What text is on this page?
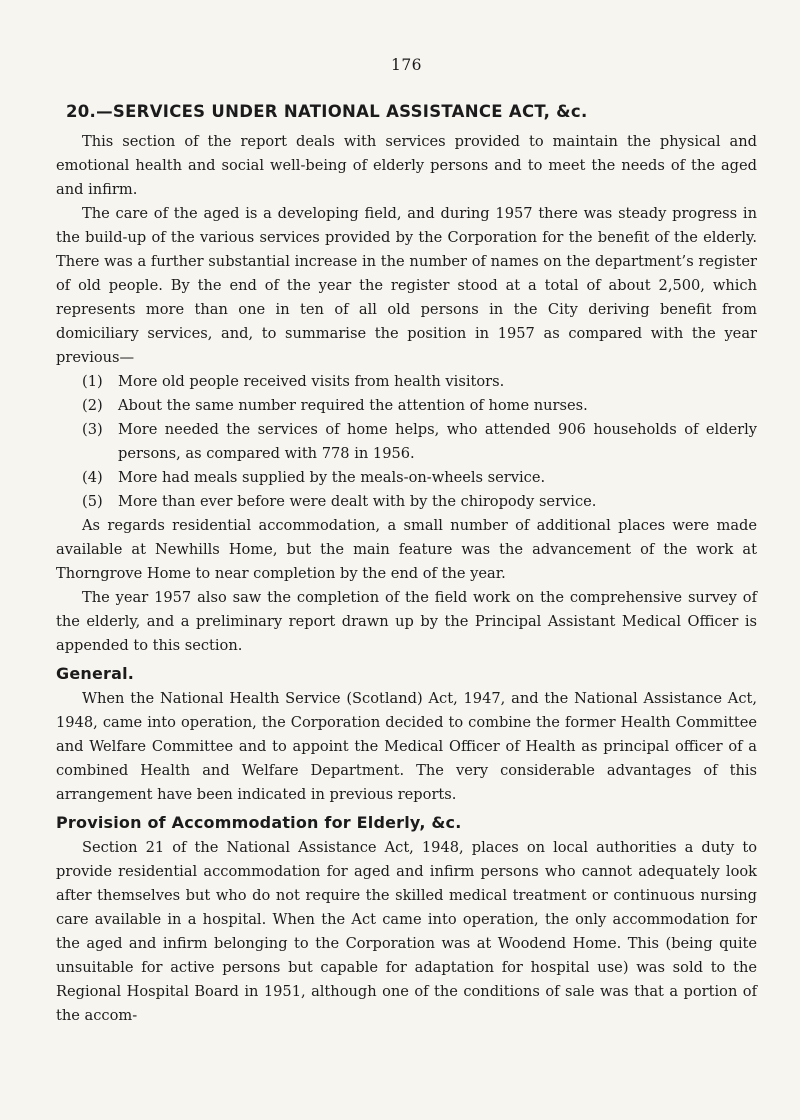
176
20.—SERVICES UNDER NATIONAL ASSISTANCE ACT, &c.

This section of the report deals with services provided to maintain the physical and emotional health and social well-being of elderly persons and to meet the needs of the aged and infirm.

The care of the aged is a developing field, and during 1957 there was steady progress in the build-up of the various services provided by the Corporation for the benefit of the elderly. There was a further substantial increase in the number of names on the department’s register of old people. By the end of the year the register stood at a total of about 2,500, which represents more than one in ten of all old persons in the City deriving benefit from domiciliary services, and, to summarise the position in 1957 as compared with the year previous—

(1)	More old people received visits from health visitors.
(2)	About the same number required the attention of home nurses.
(3)	More needed the services of home helps, who attended 906 households of elderly persons, as compared with 778 in 1956.
(4)	More had meals supplied by the meals-on-wheels service.
(5)	More than ever before were dealt with by the chiropody service.

As regards residential accommodation, a small number of additional places were made available at Newhills Home, but the main feature was the advancement of the work at Thorngrove Home to near completion by the end of the year.

The year 1957 also saw the completion of the field work on the comprehensive survey of the elderly, and a preliminary report drawn up by the Principal Assistant Medical Officer is appended to this section.

General.

When the National Health Service (Scotland) Act, 1947, and the National Assistance Act, 1948, came into operation, the Corporation decided to combine the former Health Committee and Welfare Committee and to appoint the Medical Officer of Health as principal officer of a combined Health and Welfare Department. The very considerable advantages of this arrangement have been indicated in previous reports.

Provision of Accommodation for Elderly, &c.

Section 21 of the National Assistance Act, 1948, places on local authorities a duty to provide residential accommodation for aged and infirm persons who cannot adequately look after themselves but who do not require the skilled medical treatment or continuous nursing care available in a hospital. When the Act came into operation, the only accommodation for the aged and infirm belonging to the Corporation was at Woodend Home. This (being quite unsuitable for active persons but capable for adaptation for hospital use) was sold to the Regional Hospital Board in 1951, although one of the conditions of sale was that a portion of the accom-
